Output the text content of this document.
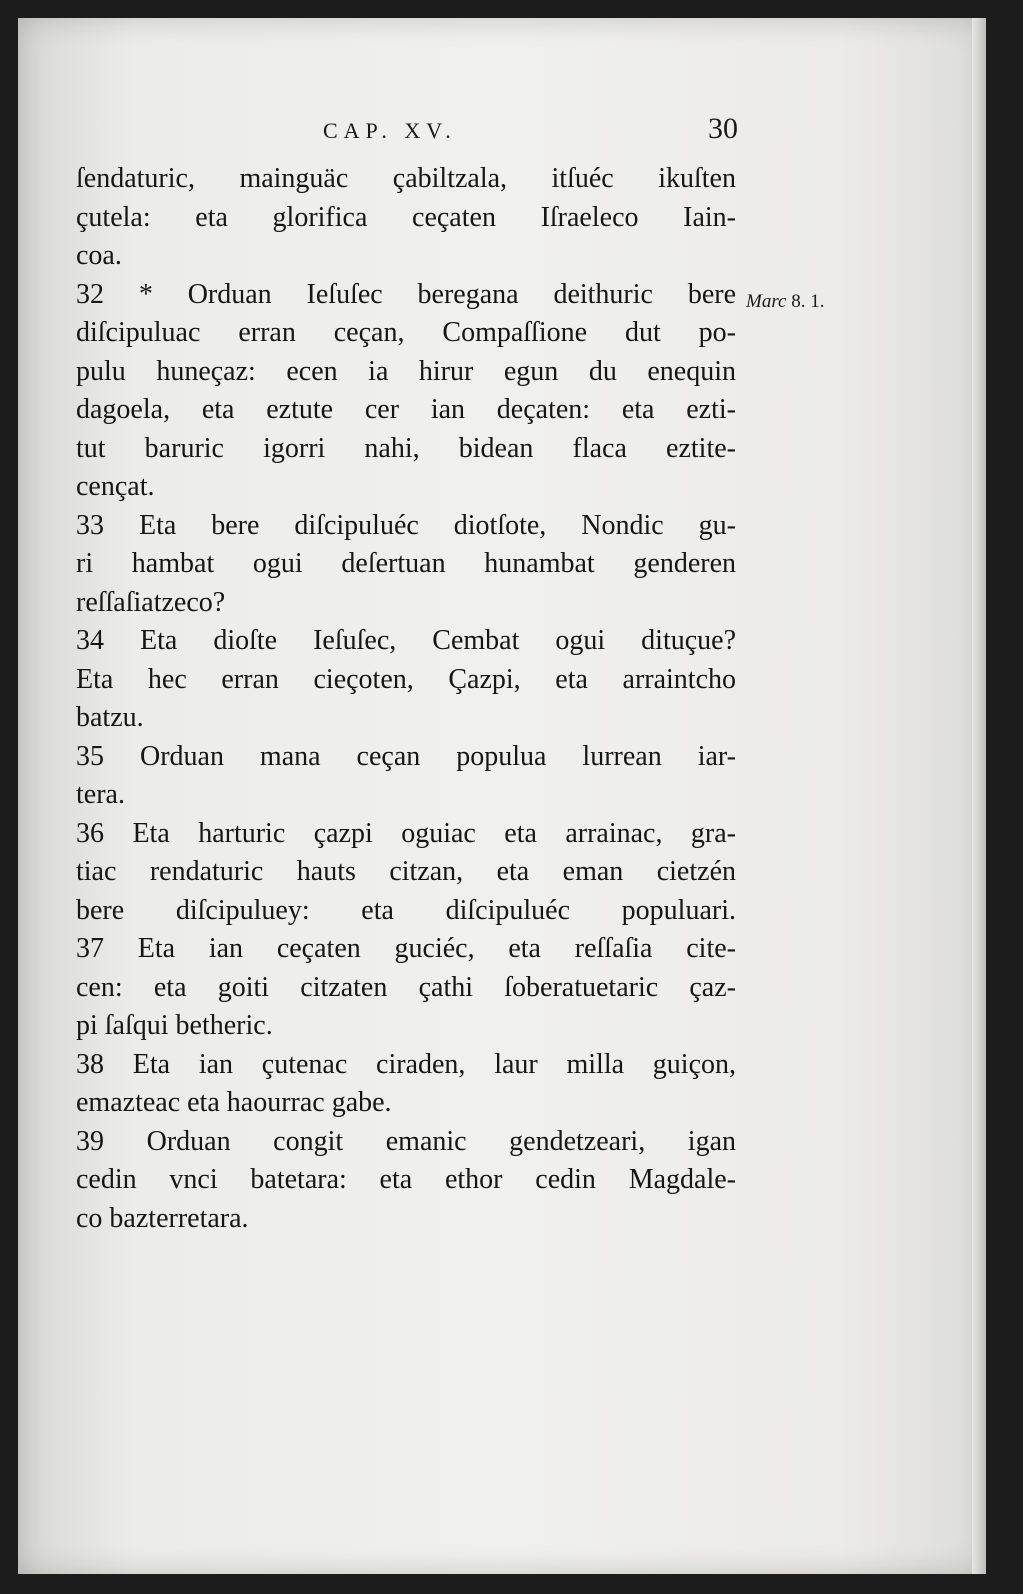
CAP. XV.	30
ſendaturic, mainguäc çabiltzala, itſuéc ikuſten
çutela: eta glorifica ceçaten Iſraeleco Iain-
coa.
32 * Orduan Ieſuſec beregana deithuric bere
diſcipuluac erran ceçan, Compaſſione dut po-
pulu huneçaz: ecen ia hirur egun du enequin
dagoela, eta eztute cer ian deçaten: eta ezti-
tut baruric igorri nahi, bidean flaca eztite-
cençat.
33 Eta bere diſcipuluéc diotſote, Nondic gu-
ri hambat ogui deſertuan hunambat genderen
reſſaſiatzeco?
34 Eta dioſte Ieſuſec, Cembat ogui dituçue?
Eta hec erran cieçoten, Çazpi, eta arraintcho
batzu.
35 Orduan mana ceçan populua lurrean iar-
tera.
36 Eta harturic çazpi oguiac eta arrainac, gra-
tiac rendaturic hauts citzan, eta eman cietzén
bere diſcipuluey: eta diſcipuluéc populuari.
37 Eta ian ceçaten guciéc, eta reſſaſia cite-
cen: eta goiti citzaten çathi ſoberatuetaric çaz-
pi ſaſqui betheric.
38 Eta ian çutenac ciraden, laur milla guiçon,
emazteac eta haourrac gabe.
39 Orduan congit emanic gendetzeari, igan
cedin vnci batetara: eta ethor cedin Magdale-
co bazterretara.
Marc 8. 1.
